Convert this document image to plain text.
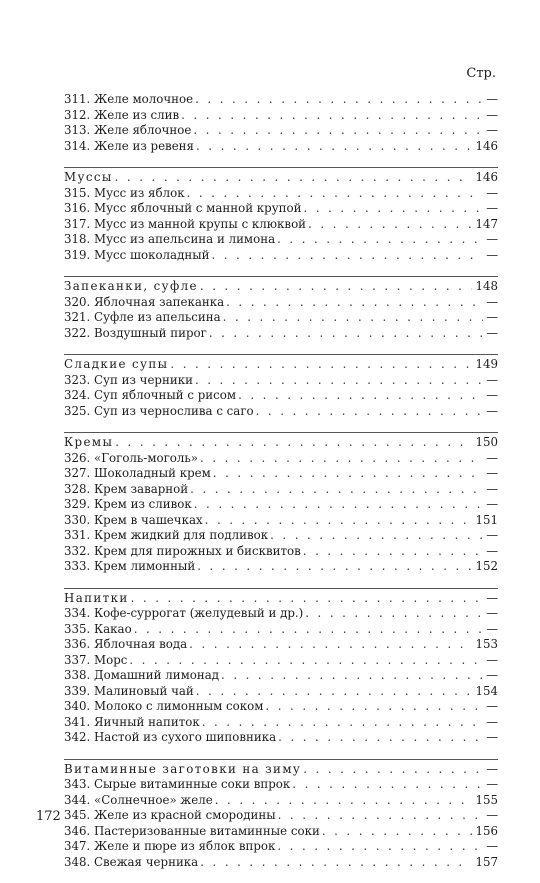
Стр.
311. Желе молочное . . .	—
312. Желе из слив . . .	—
313. Желе яблочное . . .	—
314. Желе из ревеня . . .	146
Муссы . . .	146
315. Мусс из яблок . . .	—
316. Мусс яблочный с манной крупой . . .	—
317. Мусс из манной крупы с клюквой . . .	147
318. Мусс из апельсина и лимона . . .	—
319. Мусс шоколадный . . .	—
Запеканки, суфле . . .	148
320. Яблочная запеканка . . .	—
321. Суфле из апельсина . . .	—
322. Воздушный пирог . . .	—
Сладкие супы . . .	149
323. Суп из черники . . .	—
324. Суп яблочный с рисом . . .	—
325. Суп из чернослива с саго . . .	—
Кремы . . .	150
326. «Гоголь-моголь» . . .	—
327. Шоколадный крем . . .	—
328. Крем заварной . . .	—
329. Крем из сливок . . .	—
330. Крем в чашечках . . .	151
331. Крем жидкий для подливок . . .	—
332. Крем для пирожных и бисквитов . . .	—
333. Крем лимонный . . .	152
Напитки . . .	—
334. Кофе-суррогат (желудевый и др.) . . .	—
335. Какао . . .	—
336. Яблочная вода . . .	153
337. Морс . . .	—
338. Домашний лимонад . . .	—
339. Малиновый чай . . .	154
340. Молоко с лимонным соком . . .	—
341. Яичный напиток . . .	—
342. Настой из сухого шиповника . . .	—
Витаминные заготовки на зиму . . .	—
343. Сырые витаминные соки впрок . . .	—
344. «Солнечное» желе . . .	155
345. Желе из красной смородины . . .	—
346. Пастеризованные витаминные соки . . .	156
347. Желе и пюре из яблок впрок . . .	—
348. Свежая черника . . .	157
172
